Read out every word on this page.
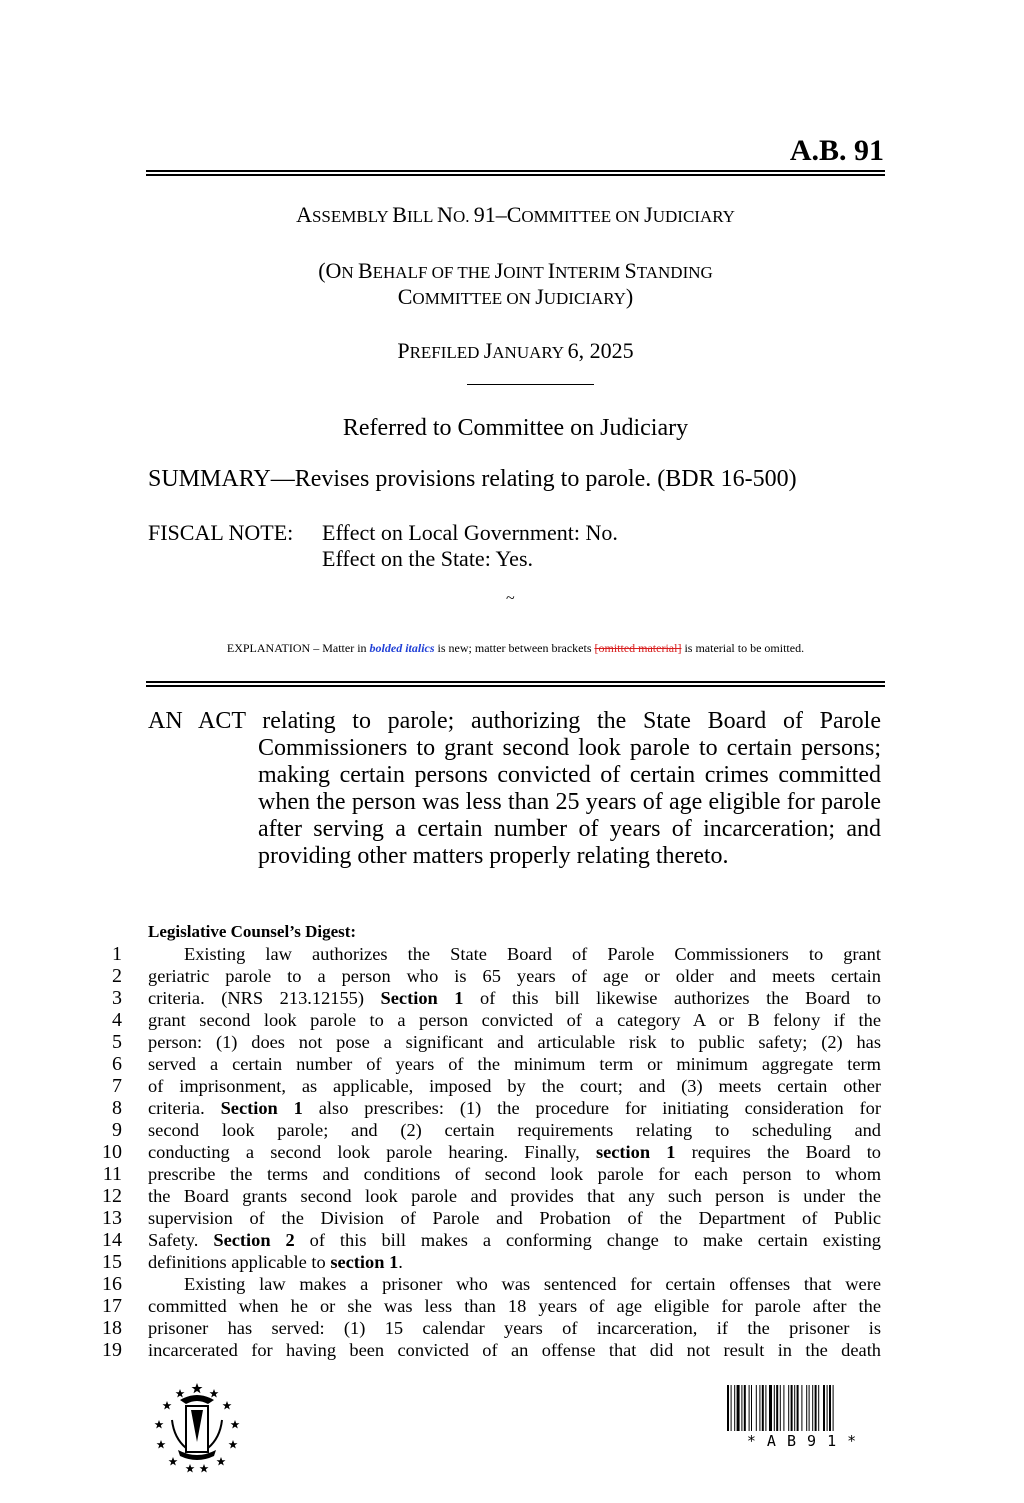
A.B. 91
ASSEMBLY BILL NO. 91–COMMITTEE ON JUDICIARY
(ON BEHALF OF THE JOINT INTERIM STANDING
COMMITTEE ON JUDICIARY)
PREFILED JANUARY 6, 2025
Referred to Committee on Judiciary
SUMMARY—Revises provisions relating to parole. (BDR 16-500)
FISCAL NOTE: Effect on Local Government: No.
Effect on the State: Yes.
~
EXPLANATION – Matter in bolded italics is new; matter between brackets [omitted material] is material to be omitted.
AN ACT relating to parole; authorizing the State Board of Parole Commissioners to grant second look parole to certain persons; making certain persons convicted of certain crimes committed when the person was less than 25 years of age eligible for parole after serving a certain number of years of incarceration; and providing other matters properly relating thereto.
Legislative Counsel’s Digest:
1	Existing law authorizes the State Board of Parole Commissioners to grant
2	geriatric parole to a person who is 65 years of age or older and meets certain
3	criteria. (NRS 213.12155) Section 1 of this bill likewise authorizes the Board to
4	grant second look parole to a person convicted of a category A or B felony if the
5	person: (1) does not pose a significant and articulable risk to public safety; (2) has
6	served a certain number of years of the minimum term or minimum aggregate term
7	of imprisonment, as applicable, imposed by the court; and (3) meets certain other
8	criteria. Section 1 also prescribes: (1) the procedure for initiating consideration for
9	second look parole; and (2) certain requirements relating to scheduling and
10	conducting a second look parole hearing. Finally, section 1 requires the Board to
11	prescribe the terms and conditions of second look parole for each person to whom
12	the Board grants second look parole and provides that any such person is under the
13	supervision of the Division of Parole and Probation of the Department of Public
14	Safety. Section 2 of this bill makes a conforming change to make certain existing
15	definitions applicable to section 1.
16	Existing law makes a prisoner who was sentenced for certain offenses that were
17	committed when he or she was less than 18 years of age eligible for parole after the
18	prisoner has served: (1) 15 calendar years of incarceration, if the prisoner is
19	incarcerated for having been convicted of an offense that did not result in the death
* A B 9 1 *
